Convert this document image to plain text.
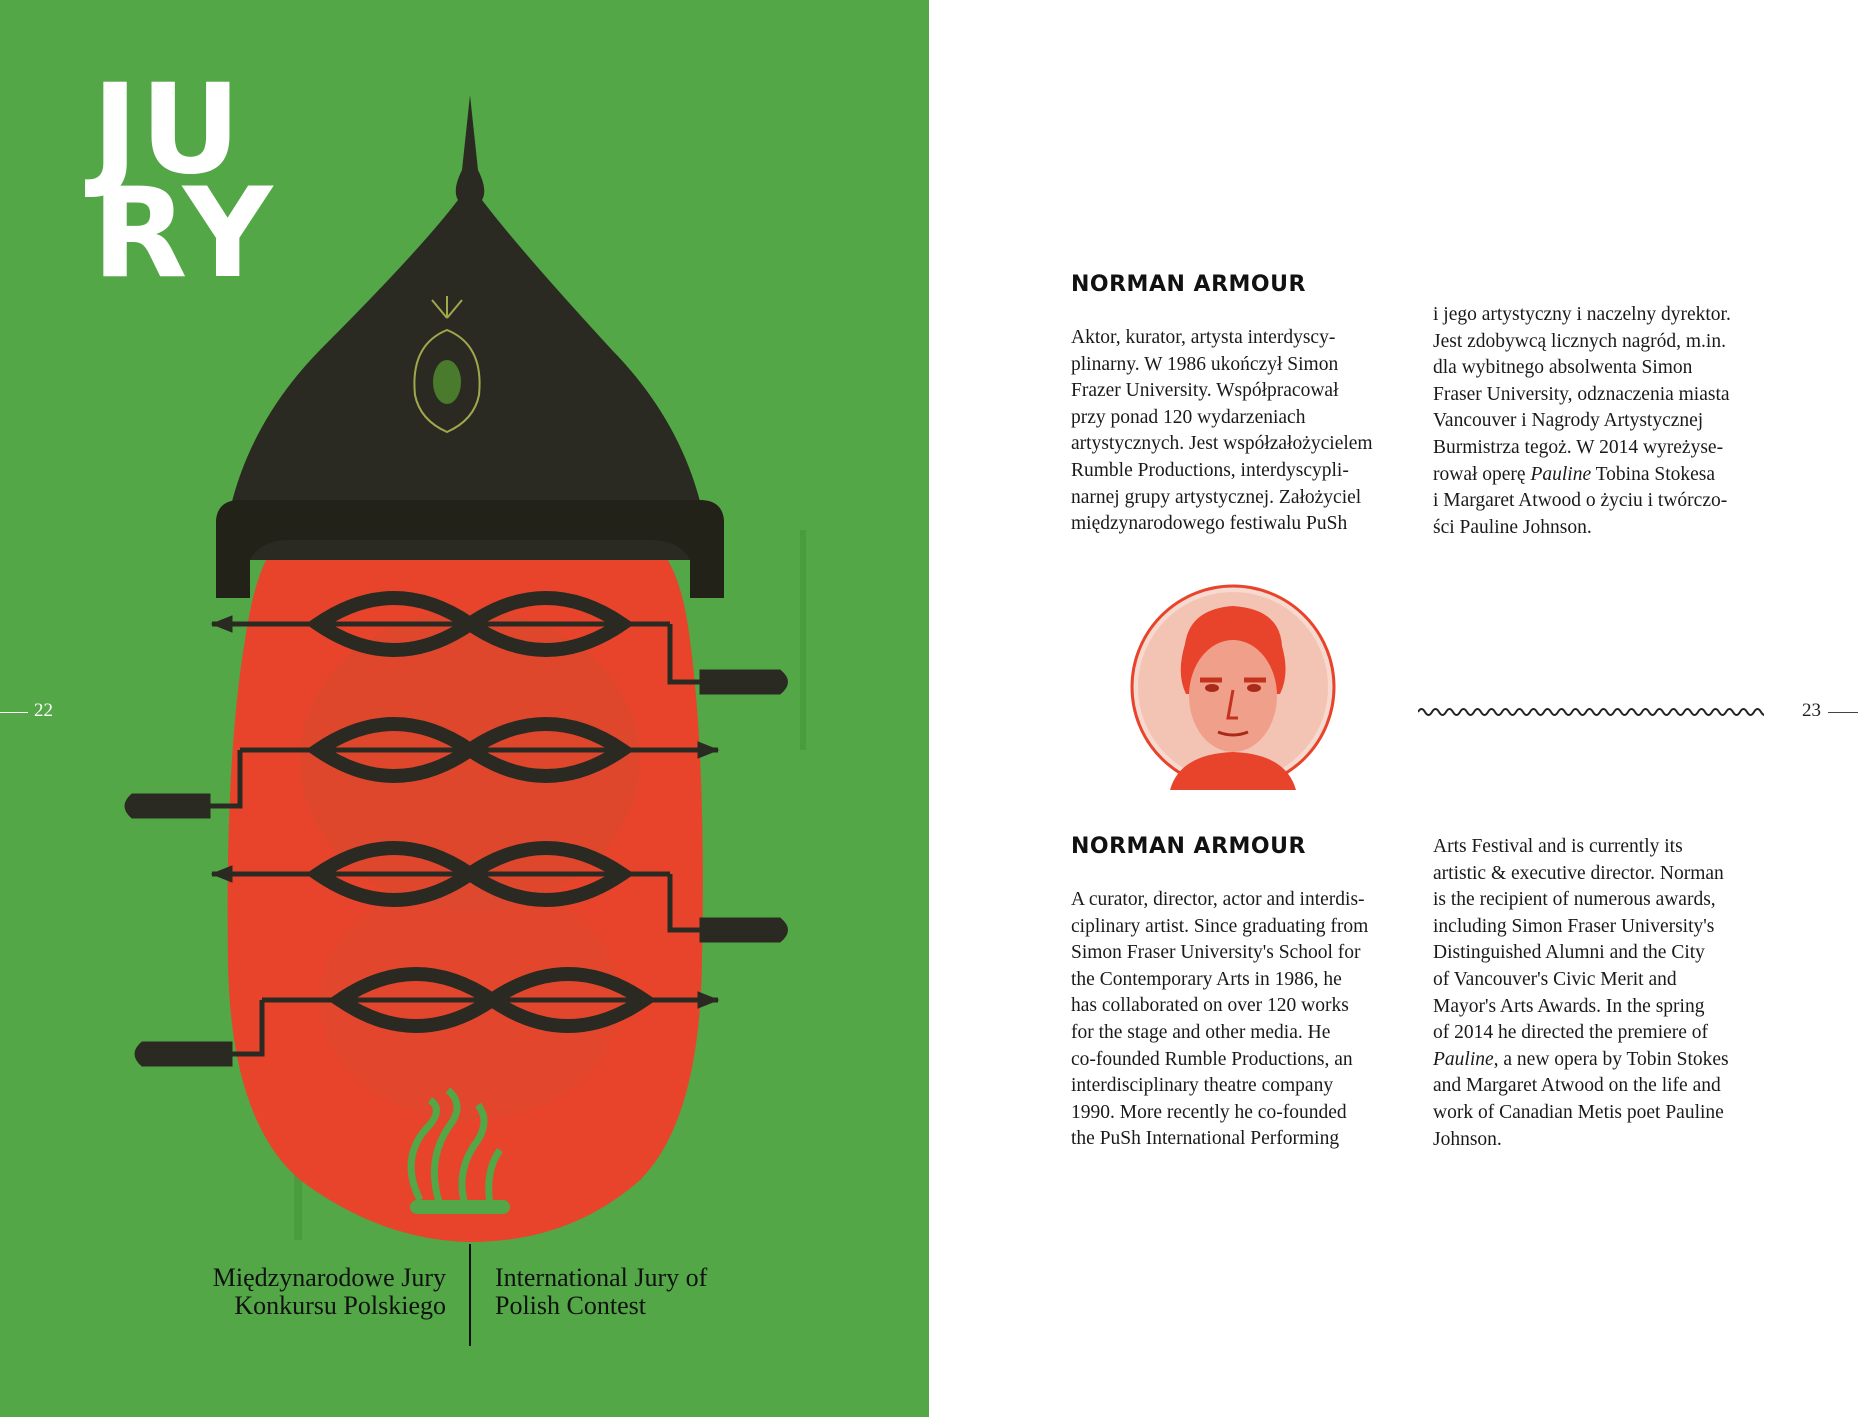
JU
RY
22
Międzynarodowe Jury
Konkursu Polskiego
International Jury of
Polish Contest
NORMAN ARMOUR
Aktor, kurator, artysta interdyscy-
plinarny. W 1986 ukończył Simon
Frazer University. Współpracował
przy ponad 120 wydarzeniach
artystycznych. Jest współzałożycielem
Rumble Productions, interdyscypli-
narnej grupy artystycznej. Założyciel
międzynarodowego festiwalu PuSh
i jego artystyczny i naczelny dyrektor.
Jest zdobywcą licznych nagród, m.in.
dla wybitnego absolwenta Simon
Fraser University, odznaczenia miasta
Vancouver i Nagrody Artystycznej
Burmistrza tegoż. W 2014 wyreżyse-
rował operę Pauline Tobina Stokesa
i Margaret Atwood o życiu i twórczo-
ści Pauline Johnson.
23
NORMAN ARMOUR
A curator, director, actor and interdis-
ciplinary artist. Since graduating from
Simon Fraser University's School for
the Contemporary Arts in 1986, he
has collaborated on over 120 works
for the stage and other media. He
co-founded Rumble Productions, an
interdisciplinary theatre company
1990. More recently he co-founded
the PuSh International Performing
Arts Festival and is currently its
artistic & executive director. Norman
is the recipient of numerous awards,
including Simon Fraser University's
Distinguished Alumni and the City
of Vancouver's Civic Merit and
Mayor's Arts Awards. In the spring
of 2014 he directed the premiere of
Pauline, a new opera by Tobin Stokes
and Margaret Atwood on the life and
work of Canadian Metis poet Pauline
Johnson.
